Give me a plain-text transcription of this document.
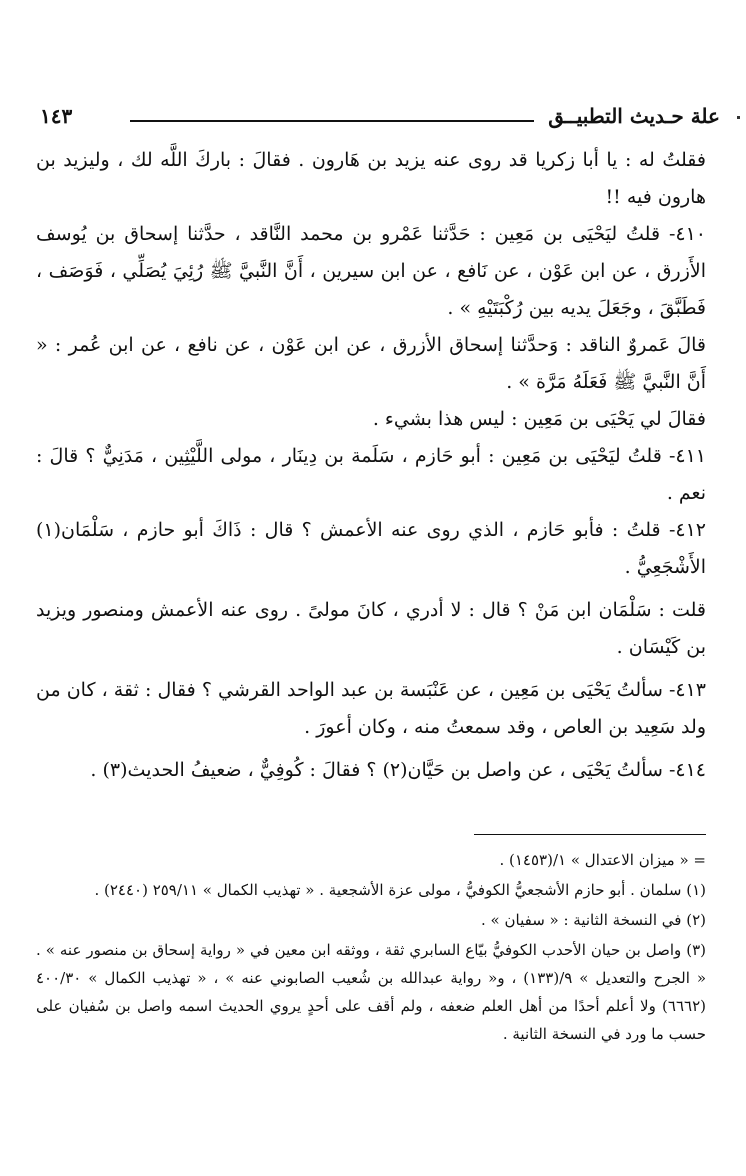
علة حـديث التطبيــق
١٤٣

فقلتُ له : يا أبا زكريا قد روى عنه يزيد بن هَارون . فقالَ : باركَ اللَّه لك ، وليزيد بن هارون فيه !!

٤١٠- قلتُ ليَحْيَى بن مَعِين : حَدَّثنا عَمْرو بن محمد النَّاقد ، حدَّثنا إسحاق بن يُوسف الأَزرق ، عن ابن عَوْن ، عن نَافع ، عن ابن سيرين ، أَنَّ النَّبيَّ ﷺ رُئِيَ يُصَلِّي ، فَوَصَف ، فَطَبَّقَ ، وجَعَلَ يديه بين رُكْبَتَيْهِ » .

قالَ عَمروٌ الناقد : وَحدَّثنا إسحاق الأزرق ، عن ابن عَوْن ، عن نافع ، عن ابن عُمر : « أَنَّ النَّبيَّ ﷺ فَعَلَهُ مَرَّة » .

فقالَ لي يَحْيَى بن مَعِين : ليس هذا بشيء .

٤١١- قلتُ ليَحْيَى بن مَعِين : أبو حَازم ، سَلَمة بن دِينَار ، مولى اللَّيْثِين ، مَدَنِيٌّ ؟ قالَ : نعم .

٤١٢- قلتُ : فأبو حَازم ، الذي روى عنه الأعمش ؟ قال : ذَاكَ أبو حازم ، سَلْمَان(١) الأَشْجَعِيُّ .

قلت : سَلْمَان ابن مَنْ ؟ قال : لا أدري ، كانَ مولىً . روى عنه الأعمش ومنصور ويزيد بن كَيْسَان .

٤١٣- سألتُ يَحْيَى بن مَعِين ، عن عَنْبَسة بن عبد الواحد القرشي ؟ فقال : ثقة ، كان من ولد سَعِيد بن العاص ، وقد سمعتُ منه ، وكان أعورَ .

٤١٤- سألتُ يَحْيَى ، عن واصل بن حَيَّان(٢) ؟ فقالَ : كُوفِيٌّ ، ضعيفُ الحديث(٣) .

= « ميزان الاعتدال » ١/(١٤٥٣) .

(١) سلمان . أبو حازم الأشجعيُّ الكوفيُّ ، مولى عزة الأشجعية . « تهذيب الكمال » ٢٥٩/١١ (٢٤٤٠) .

(٢) في النسخة الثانية : « سفيان » .

(٣) واصل بن حيان الأحدب الكوفيُّ بيّاع السابري ثقة ، ووثقه ابن معين في « رواية إسحاق بن منصور عنه » . « الجرح والتعديل » ٩/(١٣٣) ، و« رواية عبدالله بن شُعيب الصابوني عنه » ، « تهذيب الكمال » ٤٠٠/٣٠ (٦٦٦٢) ولا أعلم أحدًا من أهل العلم ضعفه ، ولم أقف على أحدٍ يروي الحديث اسمه واصل بن سُفيان على حسب ما ورد في النسخة الثانية .
